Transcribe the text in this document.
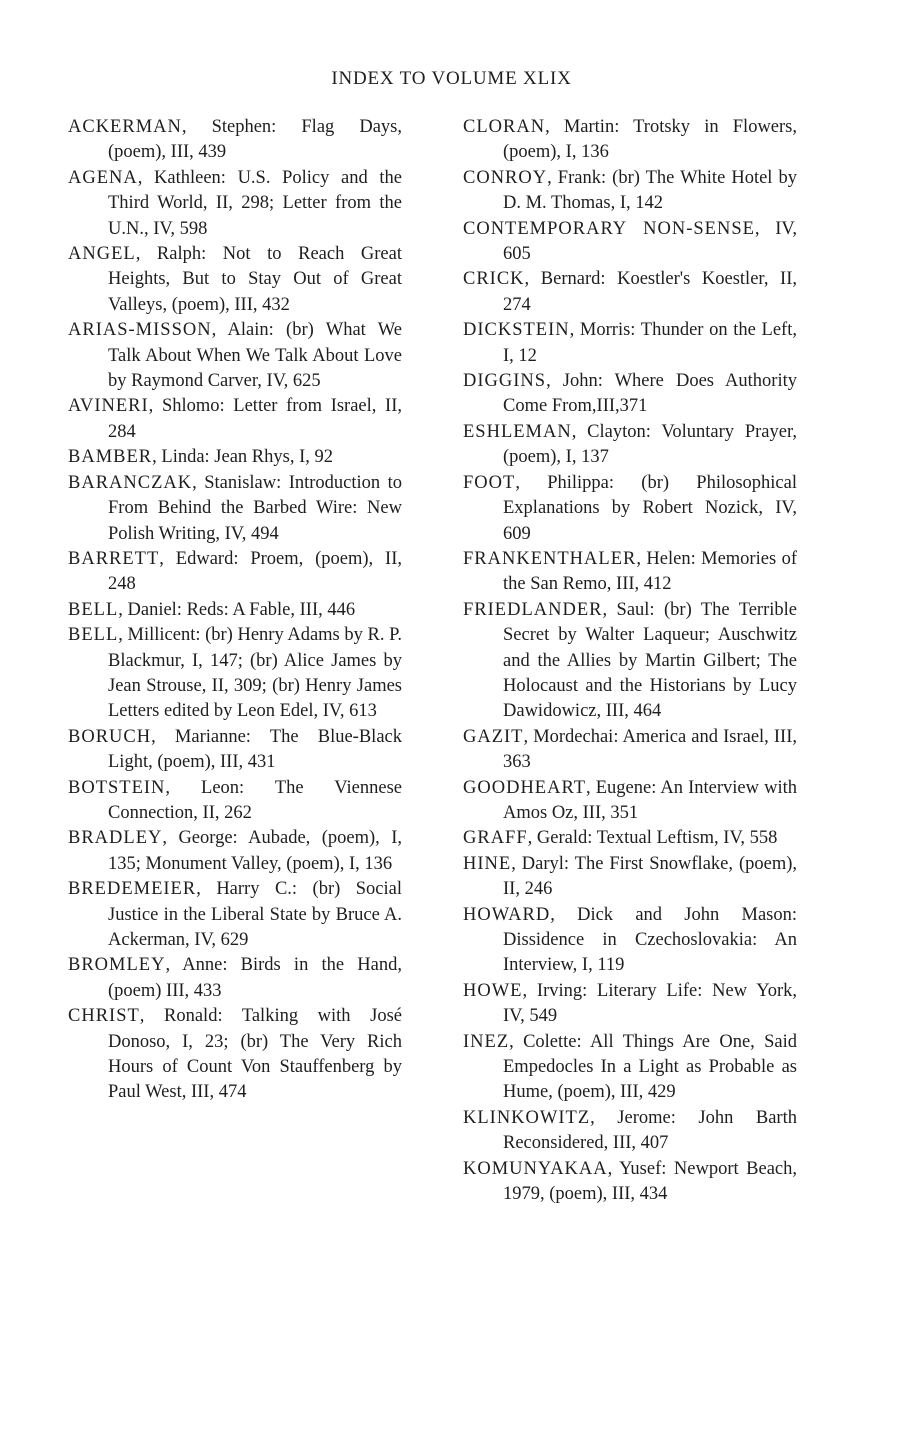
INDEX TO VOLUME XLIX

ACKERMAN, Stephen: Flag Days, (poem), III, 439

AGENA, Kathleen: U.S. Policy and the Third World, II, 298; Letter from the U.N., IV, 598

ANGEL, Ralph: Not to Reach Great Heights, But to Stay Out of Great Valleys, (poem), III, 432

ARIAS-MISSON, Alain: (br) What We Talk About When We Talk About Love by Raymond Carver, IV, 625

AVINERI, Shlomo: Letter from Israel, II, 284

BAMBER, Linda: Jean Rhys, I, 92

BARANCZAK, Stanislaw: Introduction to From Behind the Barbed Wire: New Polish Writing, IV, 494

BARRETT, Edward: Proem, (poem), II, 248

BELL, Daniel: Reds: A Fable, III, 446

BELL, Millicent: (br) Henry Adams by R. P. Blackmur, I, 147; (br) Alice James by Jean Strouse, II, 309; (br) Henry James Letters edited by Leon Edel, IV, 613

BORUCH, Marianne: The Blue-Black Light, (poem), III, 431

BOTSTEIN, Leon: The Viennese Connection, II, 262

BRADLEY, George: Aubade, (poem), I, 135; Monument Valley, (poem), I, 136

BREDEMEIER, Harry C.: (br) Social Justice in the Liberal State by Bruce A. Ackerman, IV, 629

BROMLEY, Anne: Birds in the Hand, (poem) III, 433

CHRIST, Ronald: Talking with José Donoso, I, 23; (br) The Very Rich Hours of Count Von Stauffenberg by Paul West, III, 474

CLORAN, Martin: Trotsky in Flowers, (poem), I, 136

CONROY, Frank: (br) The White Hotel by D. M. Thomas, I, 142

CONTEMPORARY NON-SENSE, IV, 605

CRICK, Bernard: Koestler's Koestler, II, 274

DICKSTEIN, Morris: Thunder on the Left, I, 12

DIGGINS, John: Where Does Authority Come From,III,371

ESHLEMAN, Clayton: Voluntary Prayer, (poem), I, 137

FOOT, Philippa: (br) Philosophical Explanations by Robert Nozick, IV, 609

FRANKENTHALER, Helen: Memories of the San Remo, III, 412

FRIEDLANDER, Saul: (br) The Terrible Secret by Walter Laqueur; Auschwitz and the Allies by Martin Gilbert; The Holocaust and the Historians by Lucy Dawidowicz, III, 464

GAZIT, Mordechai: America and Israel, III, 363

GOODHEART, Eugene: An Interview with Amos Oz, III, 351

GRAFF, Gerald: Textual Leftism, IV, 558

HINE, Daryl: The First Snowflake, (poem), II, 246

HOWARD, Dick and John Mason: Dissidence in Czechoslovakia: An Interview, I, 119

HOWE, Irving: Literary Life: New York, IV, 549

INEZ, Colette: All Things Are One, Said Empedocles In a Light as Probable as Hume, (poem), III, 429

KLINKOWITZ, Jerome: John Barth Reconsidered, III, 407

KOMUNYAKAA, Yusef: Newport Beach, 1979, (poem), III, 434
